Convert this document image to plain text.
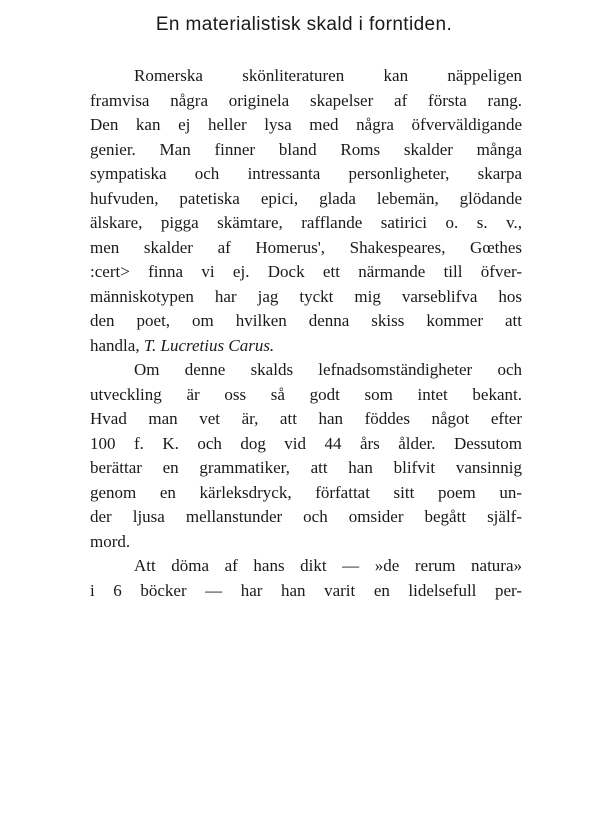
En materialistisk skald i forntiden.
Romerska skönliteraturen kan näppeligen
framvisa några originela skapelser af första rang.
Den kan ej heller lysa med några öfverväldigande
genier. Man finner bland Roms skalder många
sympatiska och intressanta personligheter, skarpa
hufvuden, patetiska epici, glada lebemän, glödande
älskare, pigga skämtare, rafflande satirici o. s. v.,
men skalder af Homerus', Shakespeares, Gœthes
:cert> finna vi ej. Dock ett närmande till öfver-
människotypen har jag tyckt mig varseblifva hos
den poet, om hvilken denna skiss kommer att
handla, T. Lucretius Carus.
Om denne skalds lefnadsomständigheter och
utveckling är oss så godt som intet bekant.
Hvad man vet är, att han föddes något efter
100 f. K. och dog vid 44 års ålder. Dessutom
berättar en grammatiker, att han blifvit vansinnig
genom en kärleksdryck, författat sitt poem un-
der ljusa mellanstunder och omsider begått själf-
mord.
Att döma af hans dikt — »de rerum natura»
i 6 böcker — har han varit en lidelsefull per-
